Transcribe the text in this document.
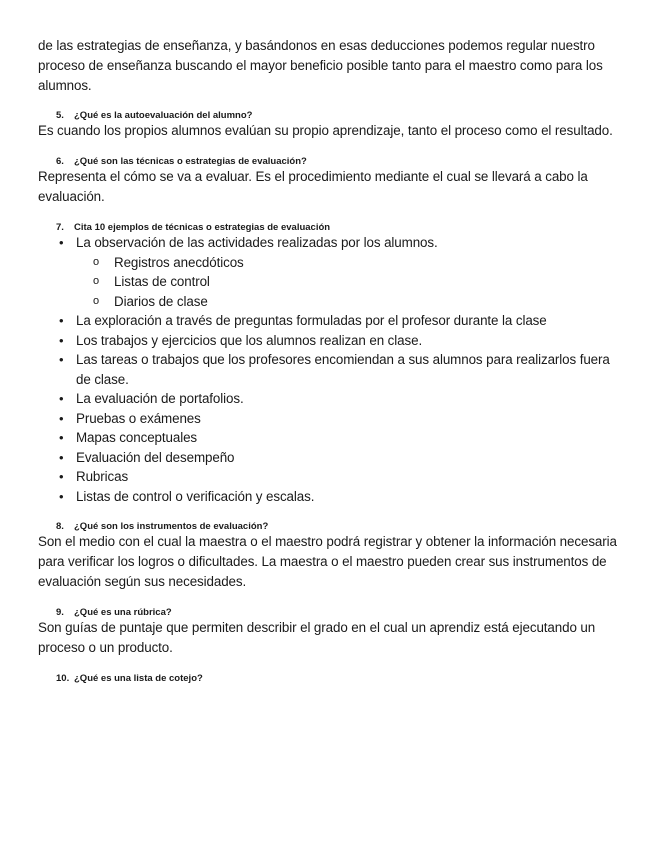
de las estrategias de enseñanza, y basándonos en esas deducciones podemos regular nuestro proceso de enseñanza buscando el mayor beneficio posible tanto para el maestro como para los alumnos.

5.	¿Qué es la autoevaluación del alumno?

Es cuando los propios alumnos evalúan su propio aprendizaje, tanto el proceso como el resultado.

6.	¿Qué son las técnicas o estrategias de evaluación?

Representa el cómo se va a evaluar. Es el procedimiento mediante el cual se llevará a cabo la evaluación.

7.	Cita 10 ejemplos de técnicas o estrategias de evaluación

• La observación de las actividades realizadas por los alumnos.
o Registros anecdóticos
o Listas de control
o Diarios de clase
• La exploración a través de preguntas formuladas por el profesor durante la clase
• Los trabajos y ejercicios que los alumnos realizan en clase.
• Las tareas o trabajos que los profesores encomiendan a sus alumnos para realizarlos fuera de clase.
• La evaluación de portafolios.
• Pruebas o exámenes
• Mapas conceptuales
• Evaluación del desempeño
• Rubricas
• Listas de control o verificación y escalas.

8.	¿Qué son los instrumentos de evaluación?

Son el medio con el cual la maestra o el maestro podrá registrar y obtener la información necesaria para verificar los logros o dificultades. La maestra o el maestro pueden crear sus instrumentos de evaluación según sus necesidades.

9.	¿Qué es una rúbrica?

Son guías de puntaje que permiten describir el grado en el cual un aprendiz está ejecutando un proceso o un producto.

10. ¿Qué es una lista de cotejo?
